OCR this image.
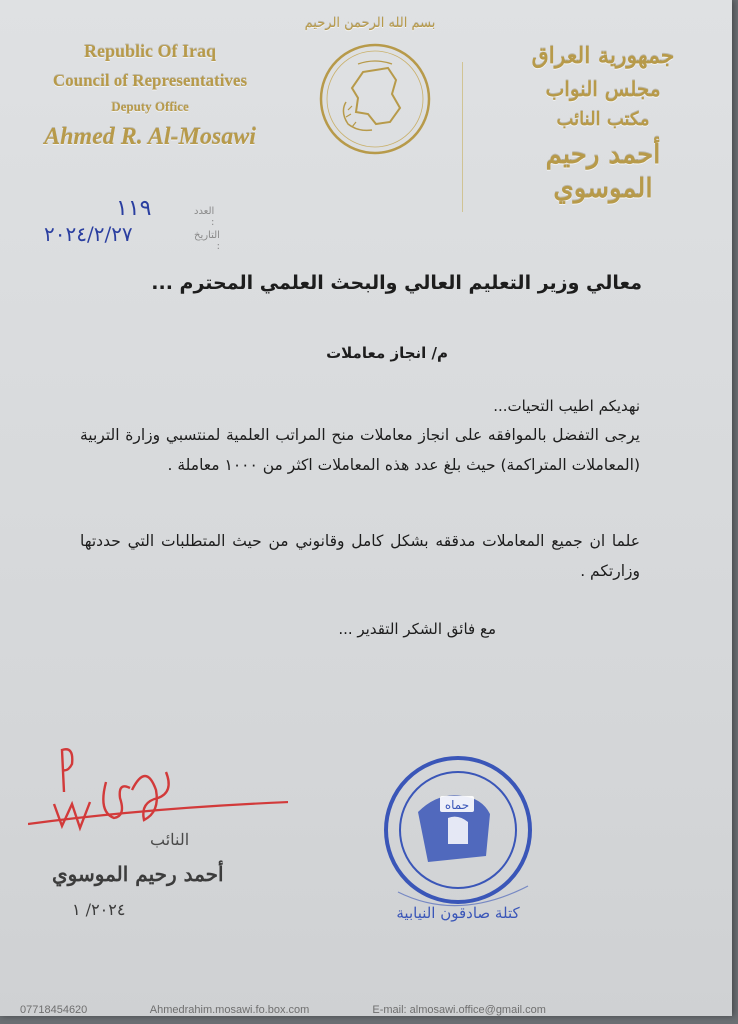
Republic Of Iraq
Council of Representatives
Deputy Office
Ahmed R. Al-Mosawi
بسم الله الرحمن الرحيم
جمهورية العراق
مجلس النواب
مكتب النائب
أحمد رحيم الموسوي
العدد :
١١٩
التاريخ :
٢٠٢٤/٢/٢٧
معالي وزير التعليم العالي والبحث العلمي المحترم ...
م/ انجاز معاملات
نهديكم اطيب التحيات...
يرجى التفضل بالموافقه على انجاز معاملات منح المراتب العلمية لمنتسبي وزارة التربية (المعاملات المتراكمة) حيث بلغ عدد هذه المعاملات اكثر من ١٠٠٠ معاملة .
علما ان جميع المعاملات مدققه بشكل كامل وقانوني من حيث المتطلبات التي حددتها وزارتكم .
مع فائق الشكر التقدير ...
النائب
أحمد رحيم الموسوي
٢٠٢٤/ ١
حماه
كتلة صادقون النيابية
07718454620	Ahmedrahim.mosawi.fo.box.com	E-mail: almosawi.office@gmail.com
